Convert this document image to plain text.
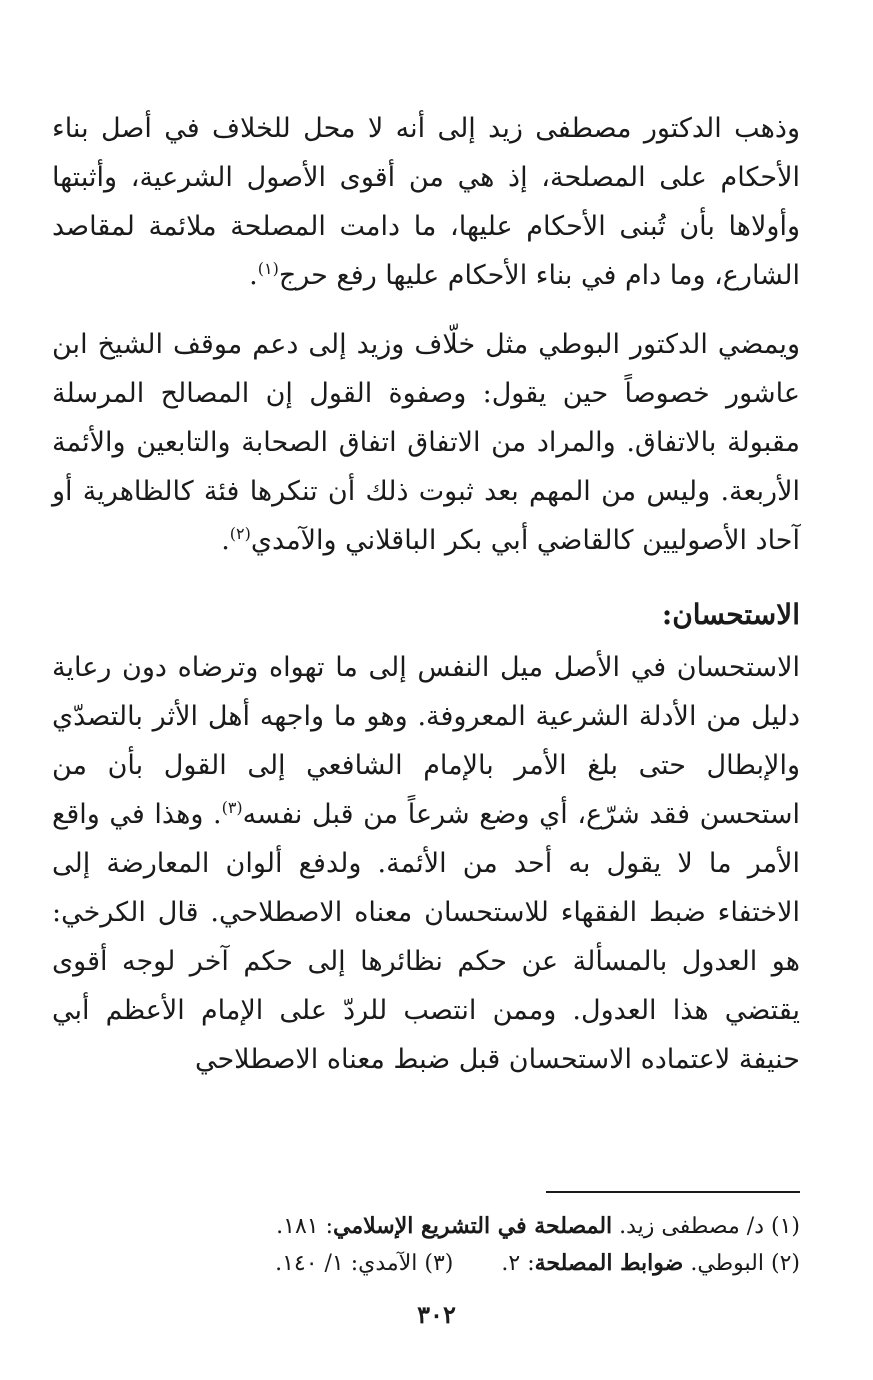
وذهب الدكتور مصطفى زيد إلى أنه لا محل للخلاف في أصل بناء الأحكام على المصلحة، إذ هي من أقوى الأصول الشرعية، وأثبتها وأولاها بأن تُبنى الأحكام عليها، ما دامت المصلحة ملائمة لمقاصد الشارع، وما دام في بناء الأحكام عليها رفع حرج$^{(١)}$.

ويمضي الدكتور البوطي مثل خلّاف وزيد إلى دعم موقف الشيخ ابن عاشور خصوصاً حين يقول: وصفوة القول إن المصالح المرسلة مقبولة بالاتفاق. والمراد من الاتفاق اتفاق الصحابة والتابعين والأئمة الأربعة. وليس من المهم بعد ثبوت ذلك أن تنكرها فئة كالظاهرية أو آحاد الأصوليين كالقاضي أبي بكر الباقلاني والآمدي$^{(٢)}$.

الاستحسان:

الاستحسان في الأصل ميل النفس إلى ما تهواه وترضاه دون رعاية دليل من الأدلة الشرعية المعروفة. وهو ما واجهه أهل الأثر بالتصدّي والإبطال حتى بلغ الأمر بالإمام الشافعي إلى القول بأن من استحسن فقد شرّع، أي وضع شرعاً من قبل نفسه$^{(٣)}$. وهذا في واقع الأمر ما لا يقول به أحد من الأئمة. ولدفع ألوان المعارضة إلى الاختفاء ضبط الفقهاء للاستحسان معناه الاصطلاحي. قال الكرخي: هو العدول بالمسألة عن حكم نظائرها إلى حكم آخر لوجه أقوى يقتضي هذا العدول. وممن انتصب للردّ على الإمام الأعظم أبي حنيفة لاعتماده الاستحسان قبل ضبط معناه الاصطلاحي

(١) د/ مصطفى زيد. المصلحة في التشريع الإسلامي: ١٨١.

(٢) البوطي. ضوابط المصلحة: ٢.(٣) الآمدي: ١/ ١٤٠.

٣٠٢
